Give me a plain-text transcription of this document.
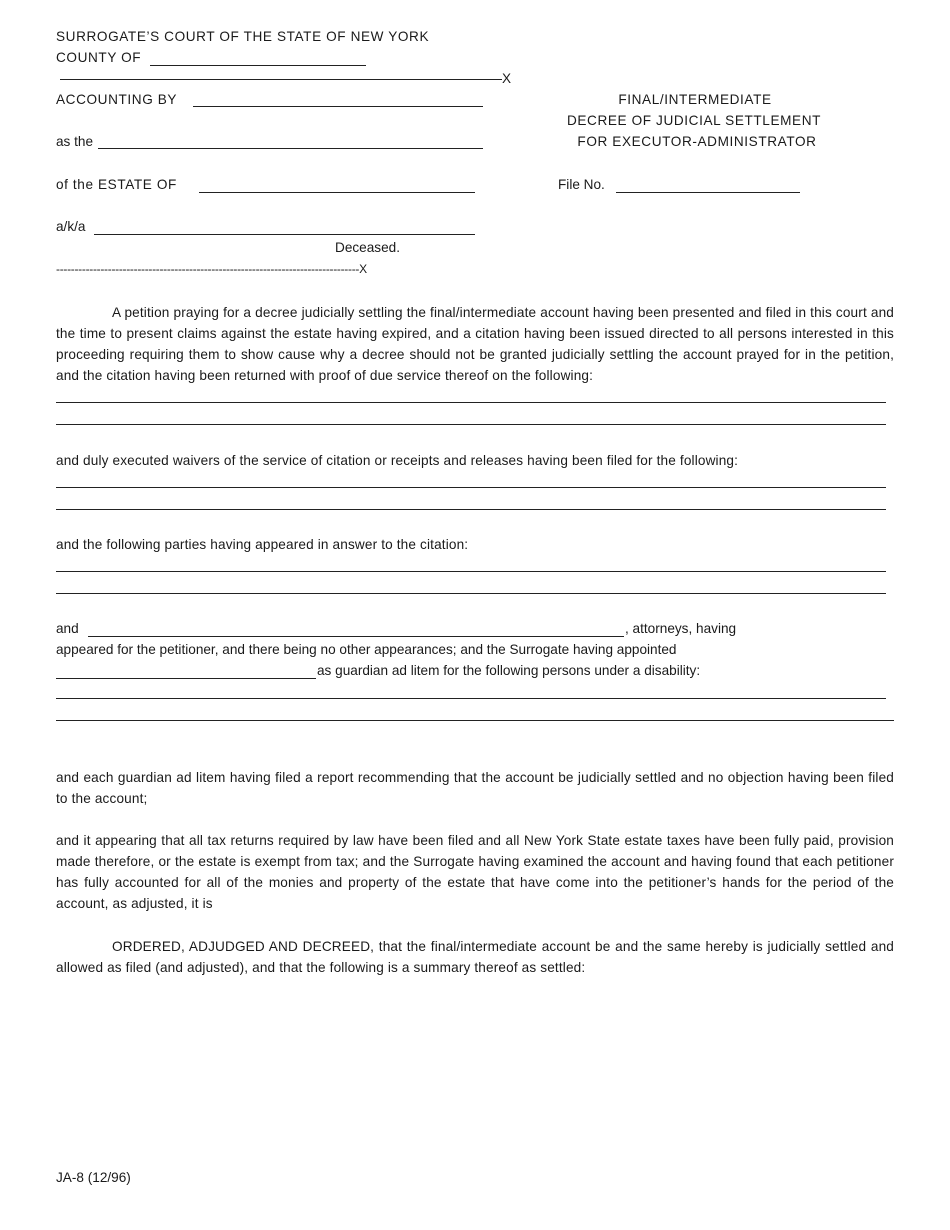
SURROGATE’S COURT OF THE STATE OF NEW YORK
COUNTY OF
X
ACCOUNTING BY
as the
of the ESTATE OF
a/k/a
Deceased.
----------------------------------------------------------------------------------X
FINAL/INTERMEDIATE
DECREE OF JUDICIAL SETTLEMENT
FOR EXECUTOR-ADMINISTRATOR
File No.
A petition praying for a decree judicially settling the final/intermediate account having been presented and filed in this court and the time to present claims against the estate having expired, and a citation having been issued directed to all persons interested in this proceeding requiring them to show cause why a decree should not be granted judicially settling the account prayed for in the petition, and the citation having been returned with proof of due service thereof on the following:
and duly executed waivers of the service of citation or receipts and releases having been filed for the following:
and the following parties having appeared in answer to the citation:
and	, attorneys, having
appeared for the petitioner, and there being no other appearances; and the Surrogate having appointed
as guardian ad litem for the following persons under a disability:
and each guardian ad litem having filed a report recommending that the account be judicially settled and no objection having been filed to the account;
and it appearing that all tax returns required by law have been filed and all New York State estate taxes have been fully paid, provision made therefore, or the estate is exempt from tax; and the Surrogate having examined the account and having found that each petitioner has fully accounted for all of the monies and property of the estate that have come into the petitioner’s hands for the period of the account, as adjusted, it is
ORDERED, ADJUDGED AND DECREED, that the final/intermediate account be and the same hereby is judicially settled and allowed as filed (and adjusted), and that the following is a summary thereof as settled:
JA-8 (12/96)
